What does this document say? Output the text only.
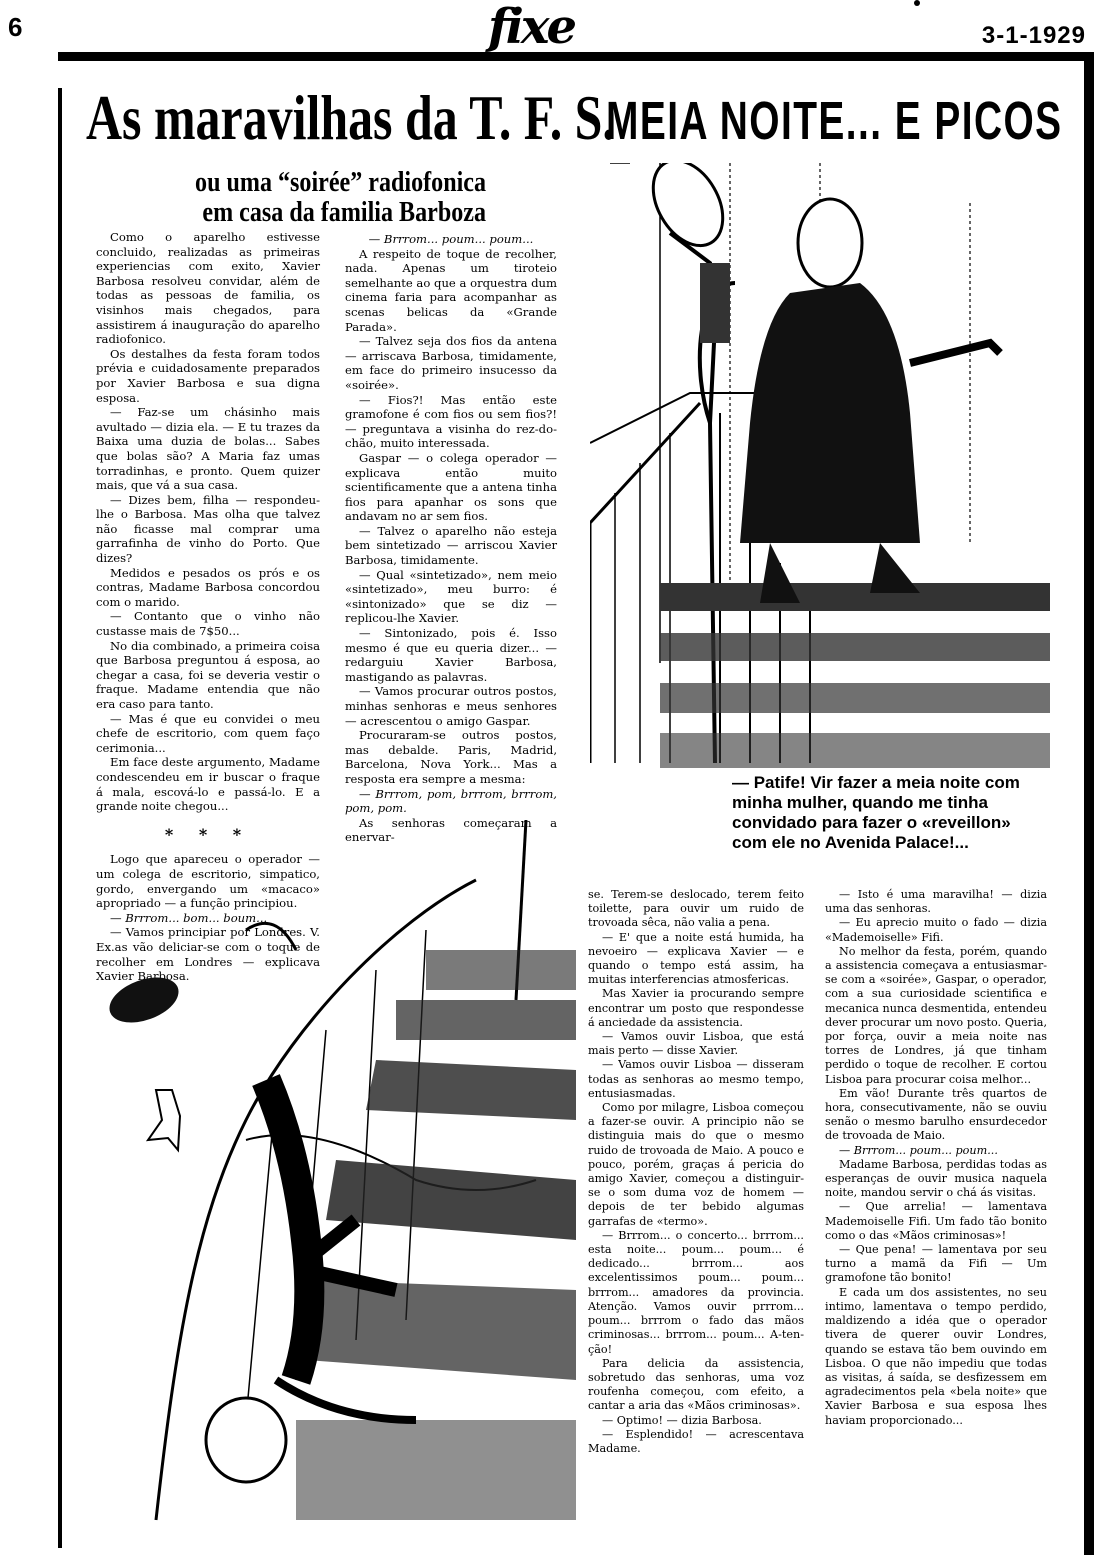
6	fixe	3-1-1929
As maravilhas da T. F. S.
MEIA NOITE... E PICOS
ou uma “soirée” radiofonica
em casa da familia Barboza

Como o aparelho estivesse concluido, realizadas as primeiras experiencias com exito, Xavier Barbosa resolveu convidar, além de todas as pessoas de familia, os visinhos mais chegados, para assistirem á inauguração do aparelho radiofonico.

Os destalhes da festa foram todos prévia e cuidadosamente preparados por Xavier Barbosa e sua digna esposa.

— Faz-se um chásinho mais avultado — dizia ela. — E tu trazes da Baixa uma duzia de bolas... Sabes que bolas são? A Maria faz umas torradinhas, e pronto. Quem quizer mais, que vá a sua casa.

— Dizes bem, filha — respondeu-lhe o Barbosa. Mas olha que talvez não ficasse mal comprar uma garrafinha de vinho do Porto. Que dizes?

Medidos e pesados os prós e os contras, Madame Barbosa concordou com o marido.

— Contanto que o vinho não custasse mais de 7$50...

No dia combinado, a primeira coisa que Barbosa preguntou á esposa, ao chegar a casa, foi se deveria vestir o fraque. Madame entendia que não era caso para tanto.

— Mas é que eu convidei o meu chefe de escritorio, com quem faço cerimonia...

Em face deste argumento, Madame condescendeu em ir buscar o fraque á mala, escová-lo e passá-lo. E a grande noite chegou...

* * *

Logo que apareceu o operador — um colega de escritorio, simpatico, gordo, envergando um «macaco» apropriado — a função principiou.

— Brrrom... bom... boum...

— Vamos principiar por Londres. V. Ex.as vão deliciar-se com o toque de recolher em Londres — explicava Xavier Barbosa.

— Brrrom... poum... poum...

A respeito de toque de recolher, nada. Apenas um tiroteio semelhante ao que a orquestra dum cinema faria para acompanhar as scenas belicas da «Grande Parada».

— Talvez seja dos fios da antena — arriscava Barbosa, timidamente, em face do primeiro insucesso da «soirée».

— Fios?! Mas então este gramofone é com fios ou sem fios?! — preguntava a visinha do rez-do-chão, muito interessada.

Gaspar — o colega operador — explicava então muito scientificamente que a antena tinha fios para apanhar os sons que andavam no ar sem fios.

— Talvez o aparelho não esteja bem sintetizado — arriscou Xavier Barbosa, timidamente.

— Qual «sintetizado», nem meio «sintetizado», meu burro: é «sintonizado» que se diz — replicou-lhe Xavier.

— Sintonizado, pois é. Isso mesmo é que eu queria dizer... — redarguiu Xavier Barbosa, mastigando as palavras.

— Vamos procurar outros postos, minhas senhoras e meus senhores — acrescentou o amigo Gaspar.

Procuraram-se outros postos, mas debalde. Paris, Madrid, Barcelona, Nova York... Mas a resposta era sempre a mesma:

— Brrrom, pom, brrrom, brrrom, pom, pom.

As senhoras começaram a enervar-

— Patife! Vir fazer a meia noite com minha mulher, quando me tinha convidado para fazer o «reveillon» com ele no Avenida Palace!...

se. Terem-se deslocado, terem feito toilette, para ouvir um ruido de trovoada sêca, não valia a pena.

— E' que a noite está humida, ha nevoeiro — explicava Xavier — e quando o tempo está assim, ha muitas interferencias atmosfericas.

Mas Xavier ia procurando sempre encontrar um posto que respondesse á anciedade da assistencia.

— Vamos ouvir Lisboa, que está mais perto — disse Xavier.

— Vamos ouvir Lisboa — disseram todas as senhoras ao mesmo tempo, entusiasmadas.

Como por milagre, Lisboa começou a fazer-se ouvir. A principio não se distinguia mais do que o mesmo ruido de trovoada de Maio. A pouco e pouco, porém, graças á pericia do amigo Xavier, começou a distinguir-se o som duma voz de homem — depois de ter bebido algumas garrafas de «termo».

— Brrrom... o concerto... brrrom... esta noite... poum... poum... é dedicado... brrrom... aos excelentissimos poum... poum... brrrom... amadores da provincia. Atenção. Vamos ouvir prrrom... poum... brrrom o fado das mãos criminosas... brrrom... poum... A-ten-ção!

Para delicia da assistencia, sobretudo das senhoras, uma voz roufenha começou, com efeito, a cantar a aria das «Mãos criminosas».

— Optimo! — dizia Barbosa.

— Esplendido! — acrescentava Madame.

— Isto é uma maravilha! — dizia uma das senhoras.

— Eu aprecio muito o fado — dizia «Mademoiselle» Fifi.

No melhor da festa, porém, quando a assistencia começava a entusiasmar-se com a «soirée», Gaspar, o operador, com a sua curiosidade scientifica e mecanica nunca desmentida, entendeu dever procurar um novo posto. Queria, por força, ouvir a meia noite nas torres de Londres, já que tinham perdido o toque de recolher. E cortou Lisboa para procurar coisa melhor...

Em vão! Durante três quartos de hora, consecutivamente, não se ouviu senão o mesmo barulho ensurdecedor de trovoada de Maio.

— Brrrom... poum... poum...

Madame Barbosa, perdidas todas as esperanças de ouvir musica naquela noite, mandou servir o chá ás visitas.

— Que arrelia! — lamentava Mademoiselle Fifi. Um fado tão bonito como o das «Mãos criminosas»!

— Que pena! — lamentava por seu turno a mamã da Fifi — Um gramofone tão bonito!

E cada um dos assistentes, no seu intimo, lamentava o tempo perdido, maldizendo a idéa que o operador tivera de querer ouvir Londres, quando se estava tão bem ouvindo em Lisboa. O que não impediu que todas as visitas, á saída, se desfizessem em agradecimentos pela «bela noite» que Xavier Barbosa e sua esposa lhes haviam proporcionado...
